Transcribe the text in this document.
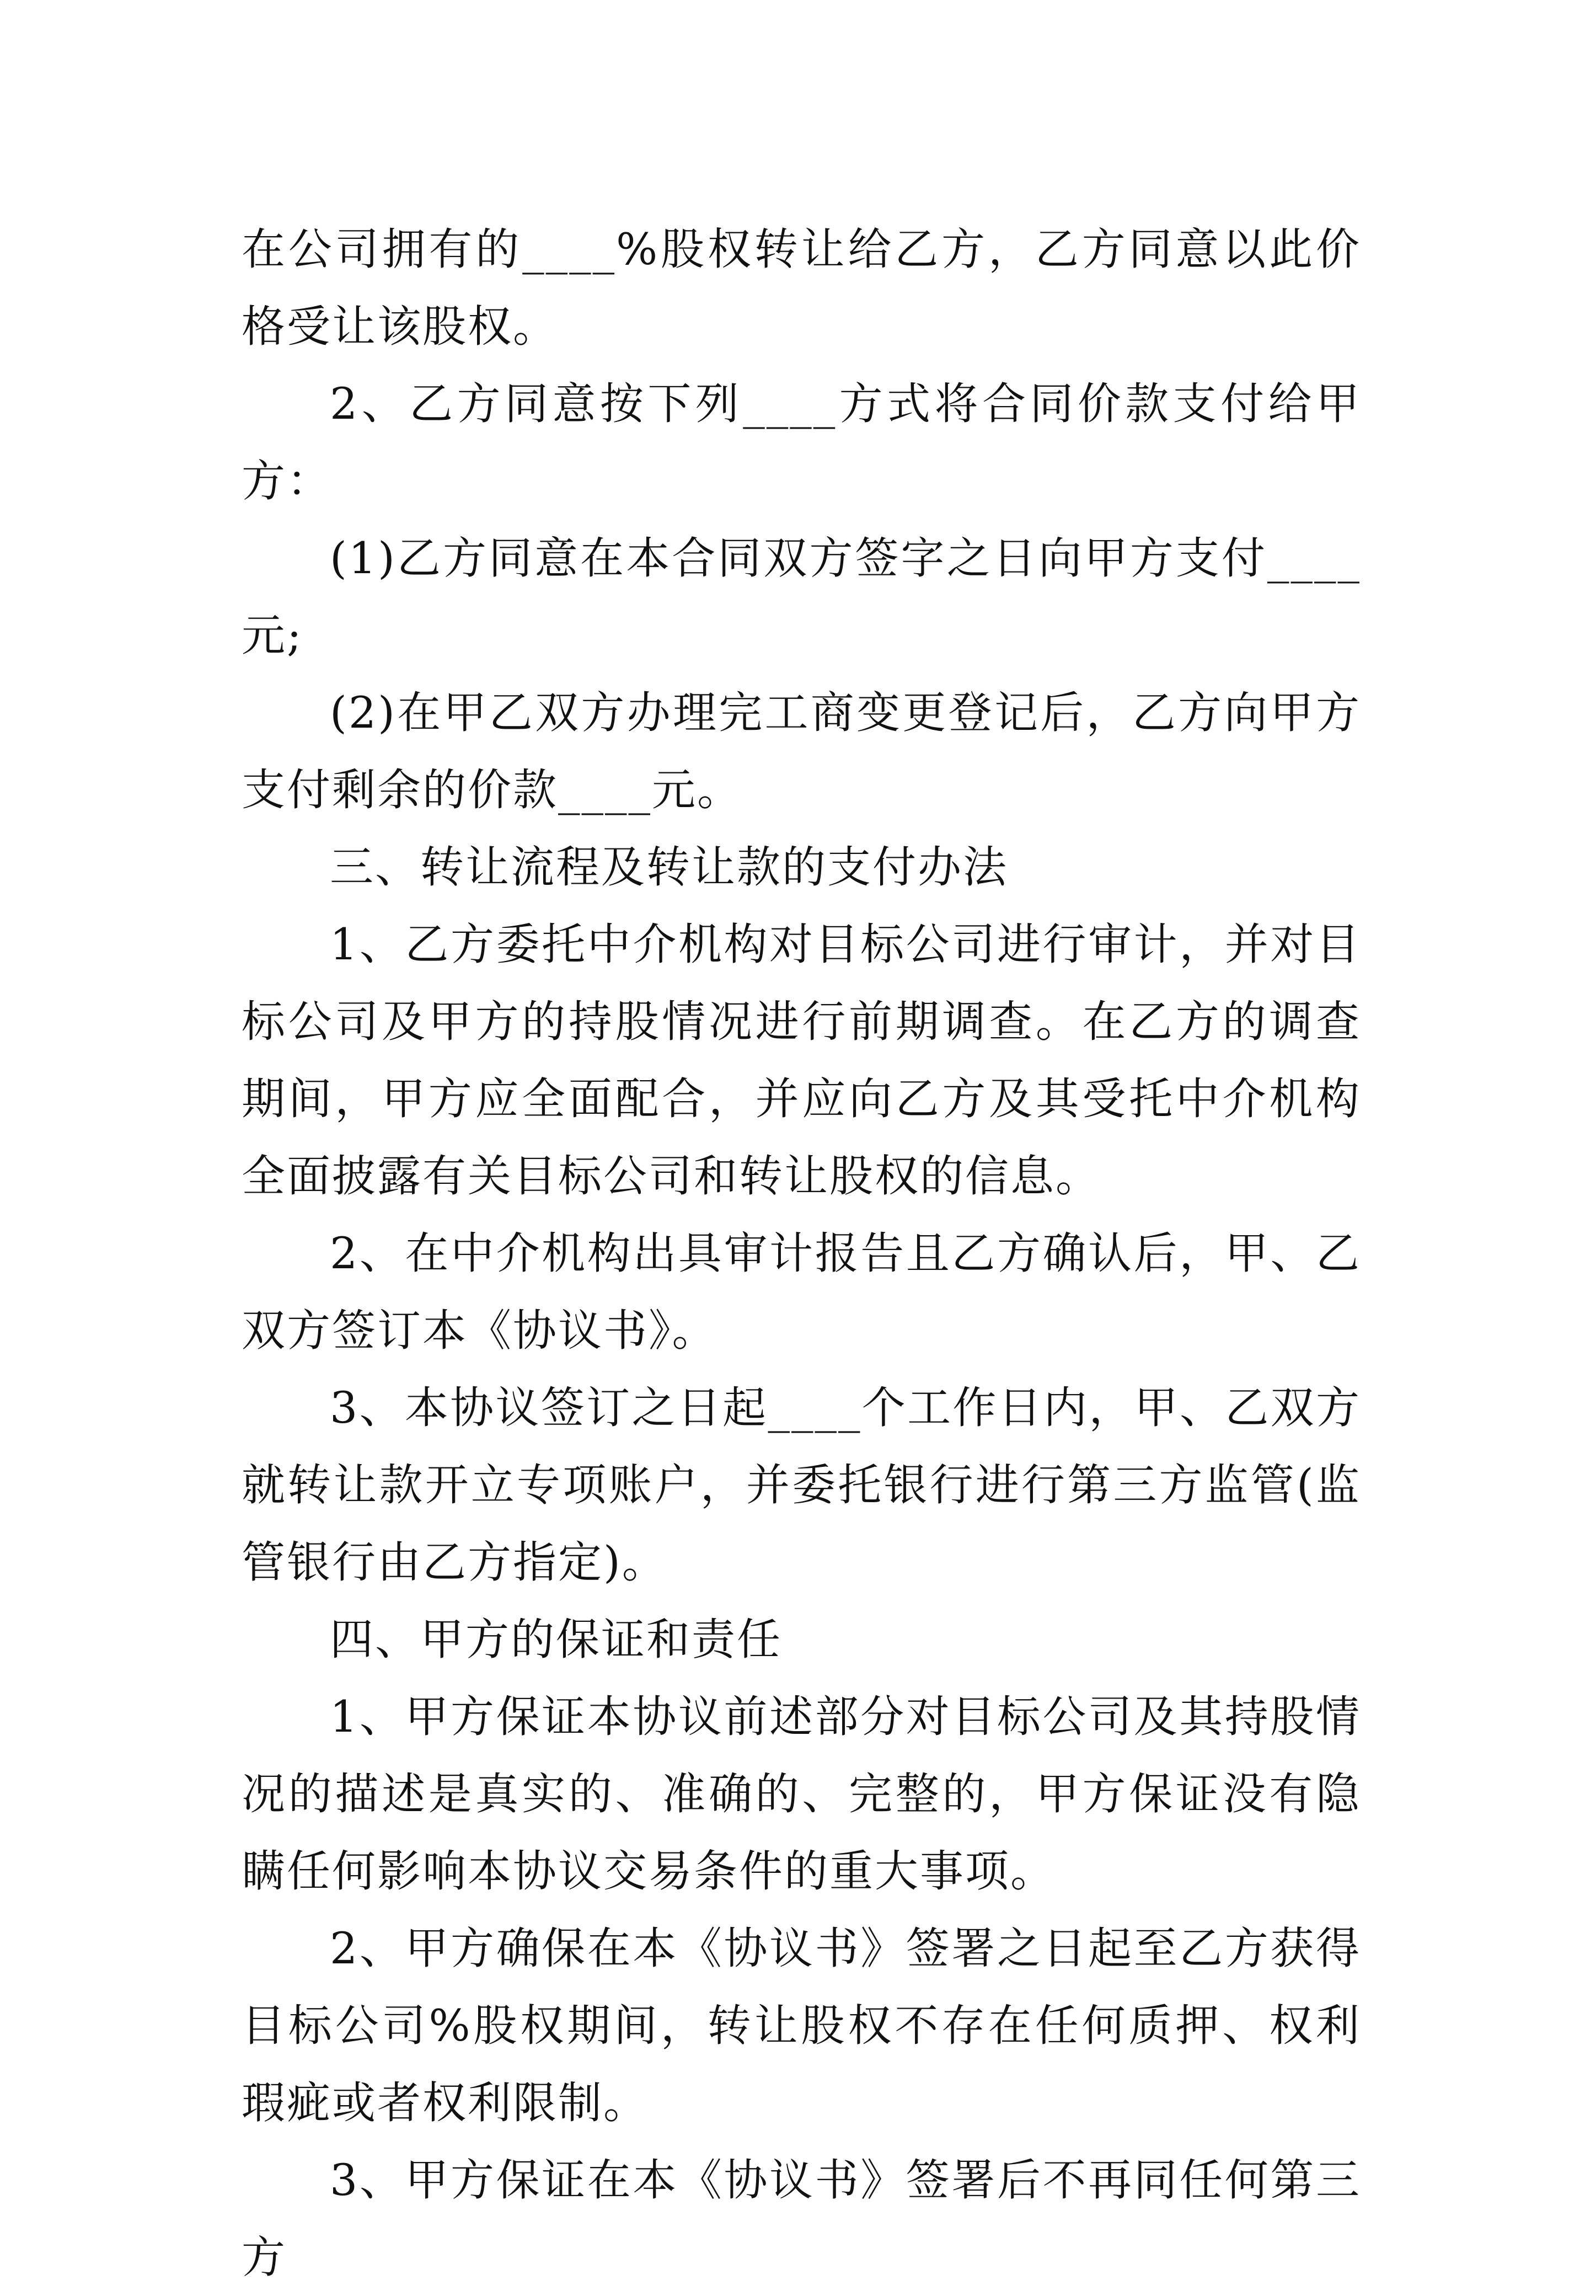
在公司拥有的____%股权转让给乙方，乙方同意以此价格受让该股权。

2、乙方同意按下列____方式将合同价款支付给甲方：

(1)乙方同意在本合同双方签字之日向甲方支付____元;

(2)在甲乙双方办理完工商变更登记后，乙方向甲方支付剩余的价款____元。

三、转让流程及转让款的支付办法

1、乙方委托中介机构对目标公司进行审计，并对目标公司及甲方的持股情况进行前期调查。在乙方的调查期间，甲方应全面配合，并应向乙方及其受托中介机构全面披露有关目标公司和转让股权的信息。

2、在中介机构出具审计报告且乙方确认后，甲、乙双方签订本《协议书》。

3、本协议签订之日起____个工作日内，甲、乙双方就转让款开立专项账户，并委托银行进行第三方监管(监管银行由乙方指定)。

四、甲方的保证和责任

1、甲方保证本协议前述部分对目标公司及其持股情况的描述是真实的、准确的、完整的，甲方保证没有隐瞒任何影响本协议交易条件的重大事项。

2、甲方确保在本《协议书》签署之日起至乙方获得目标公司%股权期间，转让股权不存在任何质押、权利瑕疵或者权利限制。

3、甲方保证在本《协议书》签署后不再同任何第三方
